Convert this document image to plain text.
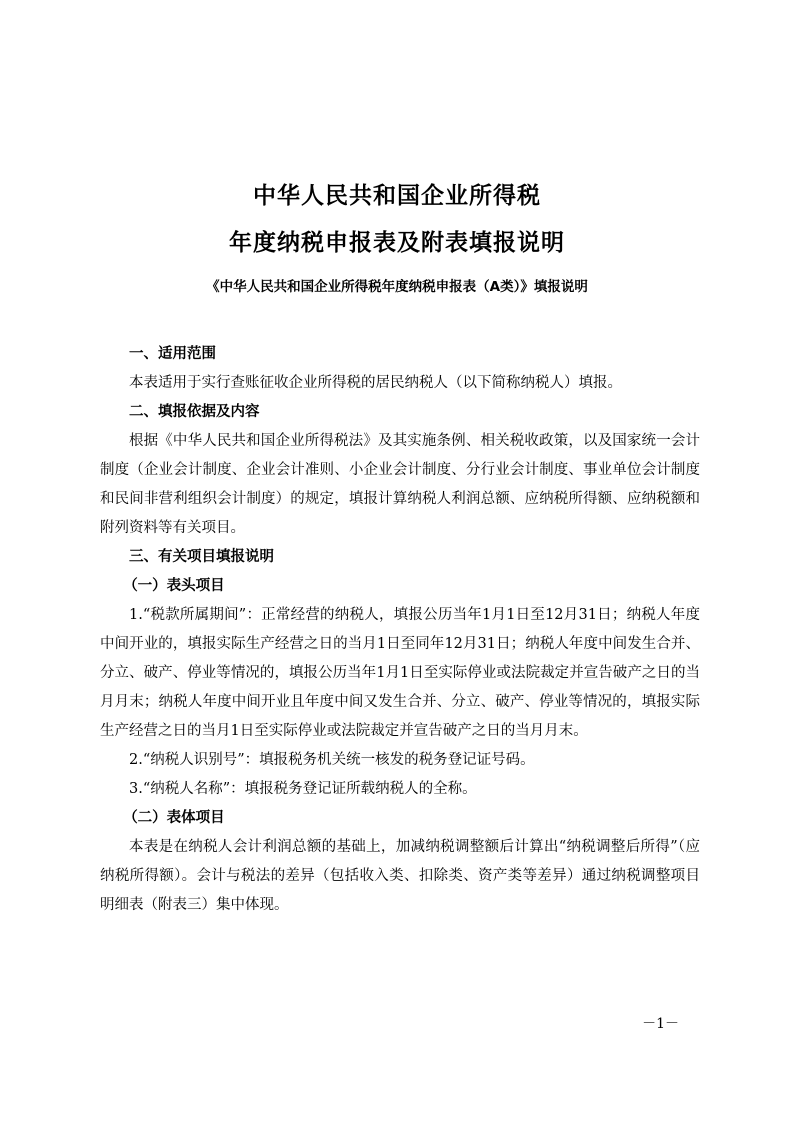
中华人民共和国企业所得税
年度纳税申报表及附表填报说明
《中华人民共和国企业所得税年度纳税申报表（A类）》填报说明

一、适用范围

本表适用于实行查账征收企业所得税的居民纳税人（以下简称纳税人）填报。

二、填报依据及内容

根据《中华人民共和国企业所得税法》及其实施条例、相关税收政策，以及国家统一会计制度（企业会计制度、企业会计准则、小企业会计制度、分行业会计制度、事业单位会计制度和民间非营利组织会计制度）的规定，填报计算纳税人利润总额、应纳税所得额、应纳税额和附列资料等有关项目。

三、有关项目填报说明

（一）表头项目

1.“税款所属期间”：正常经营的纳税人，填报公历当年1月1日至12月31日；纳税人年度中间开业的，填报实际生产经营之日的当月1日至同年12月31日；纳税人年度中间发生合并、分立、破产、停业等情况的，填报公历当年1月1日至实际停业或法院裁定并宣告破产之日的当月月末；纳税人年度中间开业且年度中间又发生合并、分立、破产、停业等情况的，填报实际生产经营之日的当月1日至实际停业或法院裁定并宣告破产之日的当月月末。

2.“纳税人识别号”：填报税务机关统一核发的税务登记证号码。

3.“纳税人名称”：填报税务登记证所载纳税人的全称。

（二）表体项目

本表是在纳税人会计利润总额的基础上，加减纳税调整额后计算出“纳税调整后所得”（应纳税所得额）。会计与税法的差异（包括收入类、扣除类、资产类等差异）通过纳税调整项目明细表（附表三）集中体现。

－1－
